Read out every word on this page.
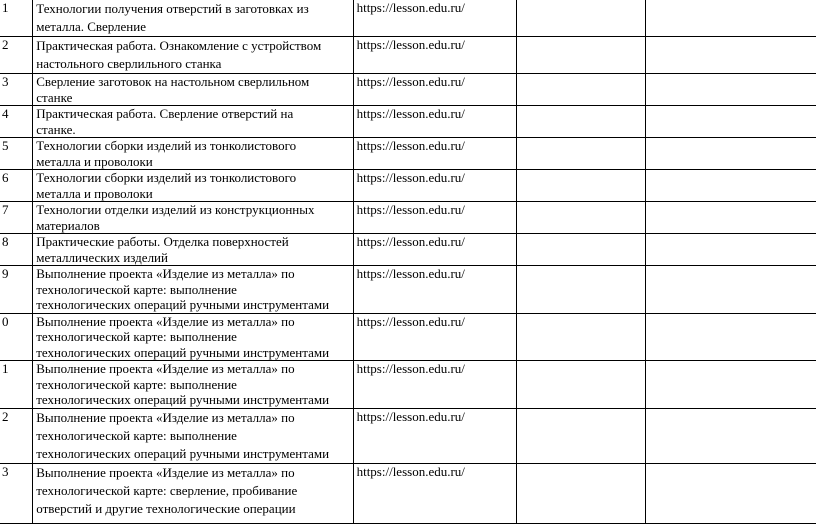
1	Технологии получения отверстий в заготовках из
металла. Сверление	https://lesson.edu.ru/		
2	Практическая работа. Ознакомление с устройством
настольного сверлильного станка	https://lesson.edu.ru/		
3	Сверление заготовок на настольном сверлильном
станке	https://lesson.edu.ru/		
4	Практическая работа. Сверление отверстий на
станке.	https://lesson.edu.ru/		
5	Технологии сборки изделий из тонколистового
металла и проволоки	https://lesson.edu.ru/		
6	Технологии сборки изделий из тонколистового
металла и проволоки	https://lesson.edu.ru/		
7	Технологии отделки изделий из конструкционных
материалов	https://lesson.edu.ru/		
8	Практические работы. Отделка поверхностей
металлических изделий	https://lesson.edu.ru/		
9	Выполнение проекта «Изделие из металла» по
технологической карте: выполнение
технологических операций ручными инструментами	https://lesson.edu.ru/		
0	Выполнение проекта «Изделие из металла» по
технологической карте: выполнение
технологических операций ручными инструментами	https://lesson.edu.ru/		
1	Выполнение проекта «Изделие из металла» по
технологической карте: выполнение
технологических операций ручными инструментами	https://lesson.edu.ru/		
2	Выполнение проекта «Изделие из металла» по
технологической карте: выполнение
технологических операций ручными инструментами	https://lesson.edu.ru/		
3	Выполнение проекта «Изделие из металла» по
технологической карте: сверление, пробивание
отверстий и другие технологические операции	https://lesson.edu.ru/		
